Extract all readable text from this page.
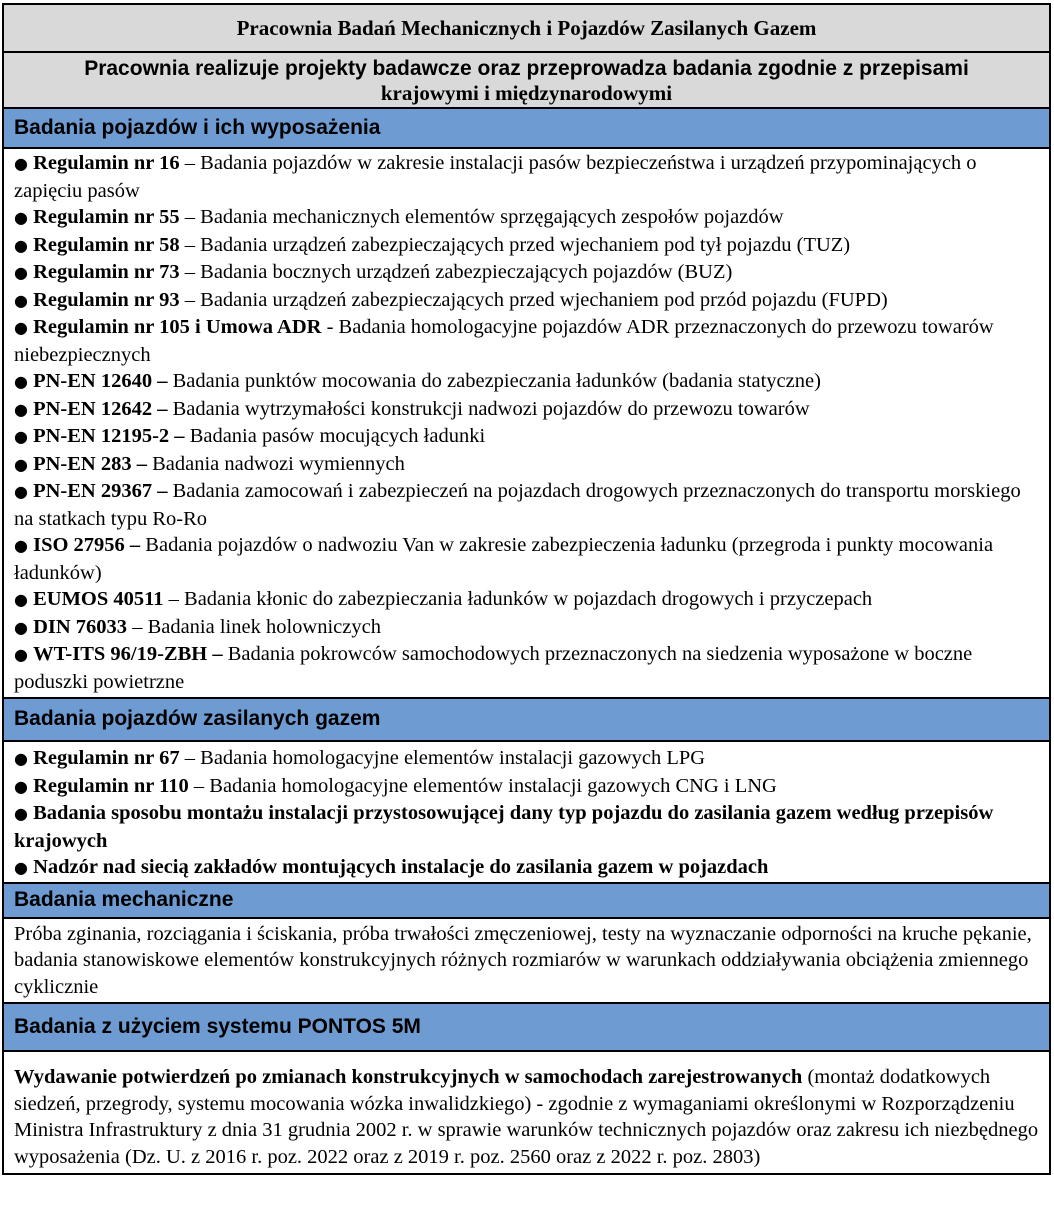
Pracownia Badań Mechanicznych i Pojazdów Zasilanych Gazem
Pracownia realizuje projekty badawcze oraz przeprowadza badania zgodnie z przepisami
krajowymi i międzynarodowymi
Badania pojazdów i ich wyposażenia
● Regulamin nr 16 – Badania pojazdów w zakresie instalacji pasów bezpieczeństwa i urządzeń przypominających o zapięciu pasów
● Regulamin nr 55 – Badania mechanicznych elementów sprzęgających zespołów pojazdów
● Regulamin nr 58 – Badania urządzeń zabezpieczających przed wjechaniem pod tył pojazdu (TUZ)
● Regulamin nr 73 – Badania bocznych urządzeń zabezpieczających pojazdów (BUZ)
● Regulamin nr 93 – Badania urządzeń zabezpieczających przed wjechaniem pod przód pojazdu (FUPD)
● Regulamin nr 105 i Umowa ADR - Badania homologacyjne pojazdów ADR przeznaczonych do przewozu towarów niebezpiecznych
● PN-EN 12640 – Badania punktów mocowania do zabezpieczania ładunków (badania statyczne)
● PN-EN 12642 – Badania wytrzymałości konstrukcji nadwozi pojazdów do przewozu towarów
● PN-EN 12195-2 – Badania pasów mocujących ładunki
● PN-EN 283 – Badania nadwozi wymiennych
● PN-EN 29367 – Badania zamocowań i zabezpieczeń na pojazdach drogowych przeznaczonych do transportu morskiego na statkach typu Ro-Ro
● ISO 27956 – Badania pojazdów o nadwoziu Van w zakresie zabezpieczenia ładunku (przegroda i punkty mocowania ładunków)
● EUMOS 40511 – Badania kłonic do zabezpieczania ładunków w pojazdach drogowych i przyczepach
● DIN 76033 – Badania linek holowniczych
● WT-ITS 96/19-ZBH – Badania pokrowców samochodowych przeznaczonych na siedzenia wyposażone w boczne poduszki powietrzne
Badania pojazdów zasilanych gazem
● Regulamin nr 67 – Badania homologacyjne elementów instalacji gazowych LPG
● Regulamin nr 110 – Badania homologacyjne elementów instalacji gazowych CNG i LNG
● Badania sposobu montażu instalacji przystosowującej dany typ pojazdu do zasilania gazem według przepisów krajowych
● Nadzór nad siecią zakładów montujących instalacje do zasilania gazem w pojazdach
Badania mechaniczne
Próba zginania, rozciągania i ściskania, próba trwałości zmęczeniowej, testy na wyznaczanie odporności na kruche pękanie, badania stanowiskowe elementów konstrukcyjnych różnych rozmiarów w warunkach oddziaływania obciążenia zmiennego cyklicznie
Badania z użyciem systemu PONTOS 5M
Wydawanie potwierdzeń po zmianach konstrukcyjnych w samochodach zarejestrowanych (montaż dodatkowych siedzeń, przegrody, systemu mocowania wózka inwalidzkiego) - zgodnie z wymaganiami określonymi w Rozporządzeniu Ministra Infrastruktury z dnia 31 grudnia 2002 r. w sprawie warunków technicznych pojazdów oraz zakresu ich niezbędnego wyposażenia (Dz. U. z 2016 r. poz. 2022 oraz z 2019 r. poz. 2560 oraz z 2022 r. poz. 2803)
